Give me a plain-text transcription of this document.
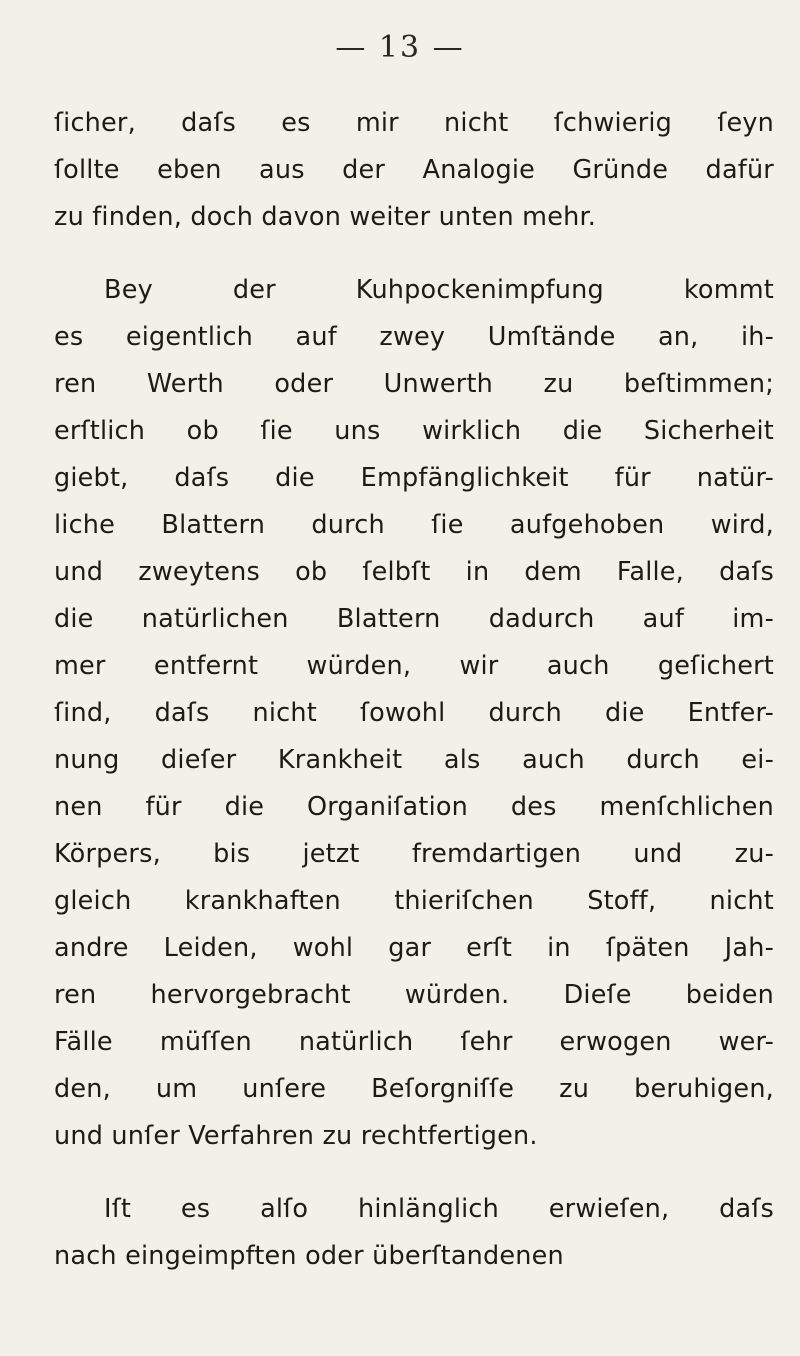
— 13 —
ſicher, daſs es mir nicht ſchwierig ſeyn
ſollte eben aus der Analogie Gründe dafür
zu finden, doch davon weiter unten mehr.
Bey der Kuhpockenimpfung kommt
es eigentlich auf zwey Umſtände an, ih-
ren Werth oder Unwerth zu beſtimmen;
erſtlich ob ſie uns wirklich die Sicherheit
giebt, daſs die Empfänglichkeit für natür-
liche Blattern durch ſie aufgehoben wird,
und zweytens ob ſelbſt in dem Falle, daſs
die natürlichen Blattern dadurch auf im-
mer entfernt würden, wir auch geſichert
ſind, daſs nicht ſowohl durch die Entfer-
nung dieſer Krankheit als auch durch ei-
nen für die Organiſation des menſchlichen
Körpers, bis jetzt fremdartigen und zu-
gleich krankhaften thieriſchen Stoff, nicht
andre Leiden, wohl gar erſt in ſpäten Jah-
ren hervorgebracht würden. Dieſe beiden
Fälle müſſen natürlich ſehr erwogen wer-
den, um unſere Beſorgniſſe zu beruhigen,
und unſer Verfahren zu rechtfertigen.
Iſt es alſo hinlänglich erwieſen, daſs
nach eingeimpften oder überſtandenen
